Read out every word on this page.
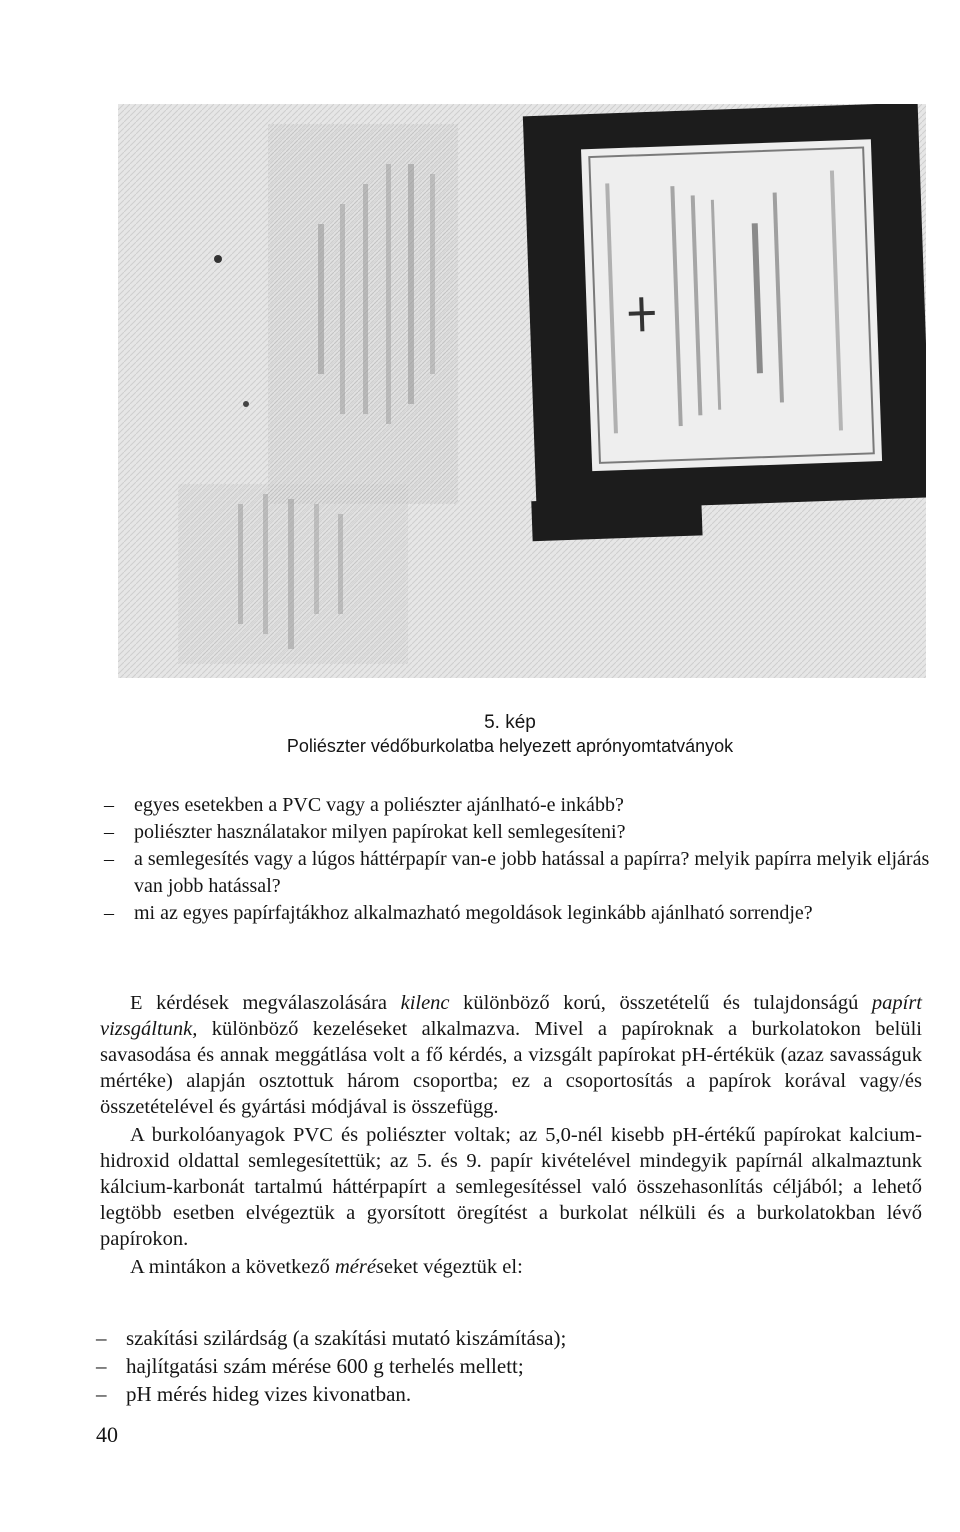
5. kép
Poliészter védőburkolatba helyezett aprónyomtatványok
– egyes esetekben a PVC vagy a poliészter ajánlható-e inkább?
– poliészter használatakor milyen papírokat kell semlegesíteni?
– a semlegesítés vagy a lúgos háttérpapír van-e jobb hatással a papírra? melyik papírra melyik eljárás van jobb hatással?
– mi az egyes papírfajtákhoz alkalmazható megoldások leginkább ajánlható sorrendje?

E kérdések megválaszolására kilenc különböző korú, összetételű és tulajdonságú papírt vizsgáltunk, különböző kezeléseket alkalmazva. Mivel a papíroknak a burkolatokon belüli savasodása és annak meggátlása volt a fő kérdés, a vizsgált papírokat pH-értékük (azaz savasságuk mértéke) alapján osztottuk három csoportba; ez a csoportosítás a papírok korával vagy/és összetételével és gyártási módjával is összefügg.

A burkolóanyagok PVC és poliészter voltak; az 5,0-nél kisebb pH-értékű papírokat kalcium-hidroxid oldattal semlegesítettük; az 5. és 9. papír kivételével mindegyik papírnál alkalmaztunk kálcium-karbonát tartalmú háttérpapírt a semlegesítéssel való összehasonlítás céljából; a lehető legtöbb esetben elvégeztük a gyorsított öregítést a burkolat nélküli és a burkolatokban lévő papírokon.

A mintákon a következő méréseket végeztük el:

– szakítási szilárdság (a szakítási mutató kiszámítása);
– hajlítgatási szám mérése 600 g terhelés mellett;
– pH mérés hideg vizes kivonatban.
40
